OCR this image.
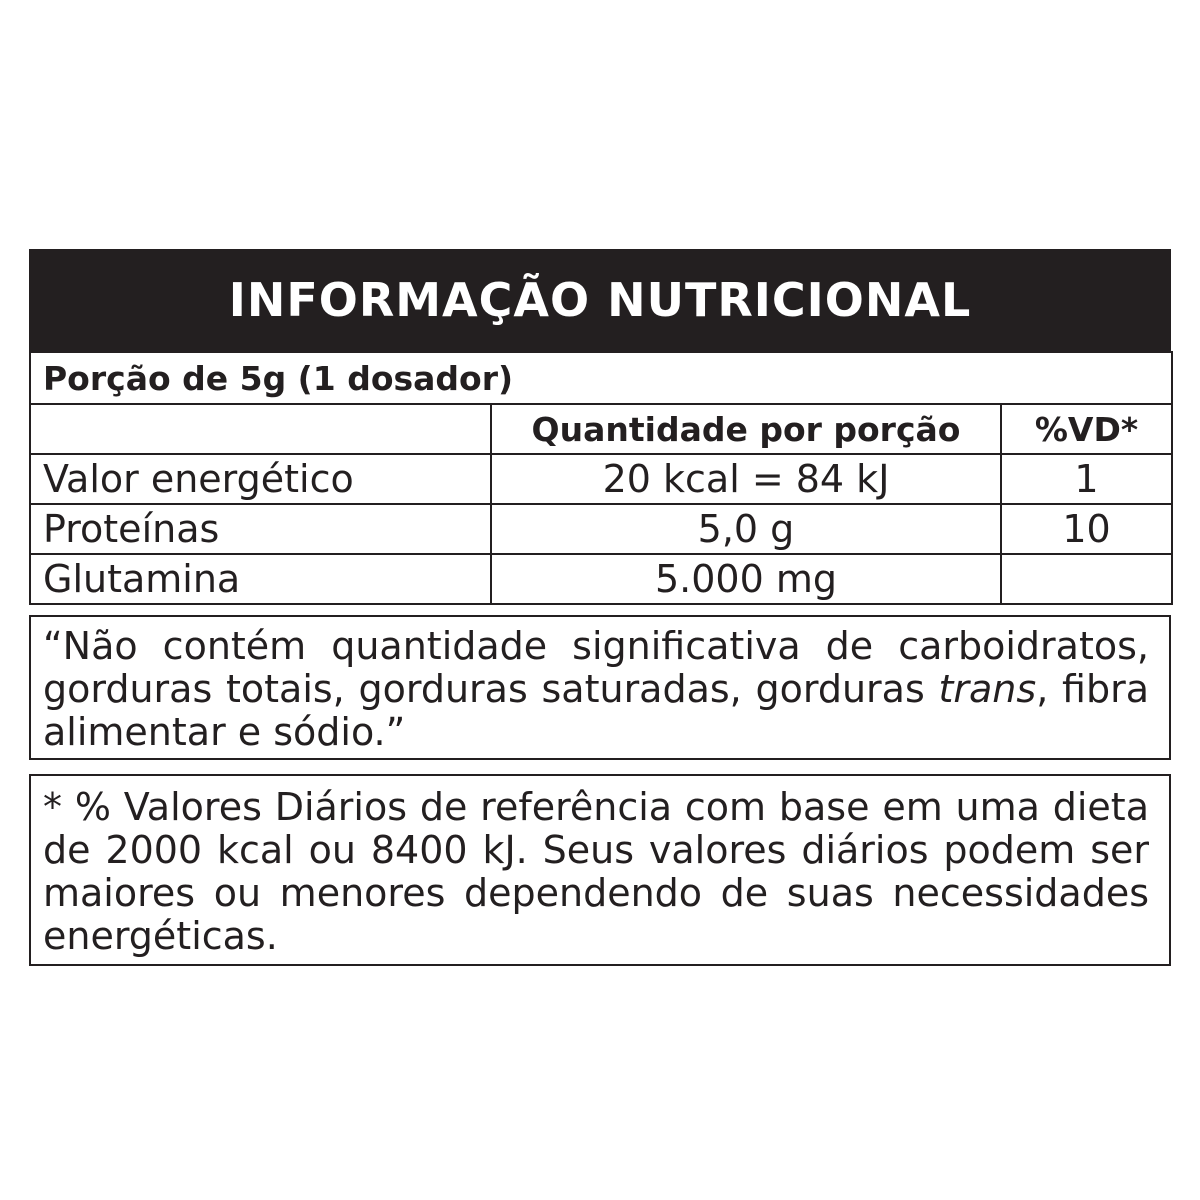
INFORMAÇÃO NUTRICIONAL
Porção de 5g (1 dosador)		
	Quantidade por porção	%VD*
Valor energético	20 kcal = 84 kJ	1
Proteínas	5,0 g	10
Glutamina	5.000 mg	
“Não contém quantidade significativa de carboidratos, gorduras totais, gorduras saturadas, gorduras trans, fibra alimentar e sódio.”
* % Valores Diários de referência com base em uma dieta de 2000 kcal ou 8400 kJ. Seus valores diários podem ser maiores ou menores dependendo de suas necessidades energéticas.
